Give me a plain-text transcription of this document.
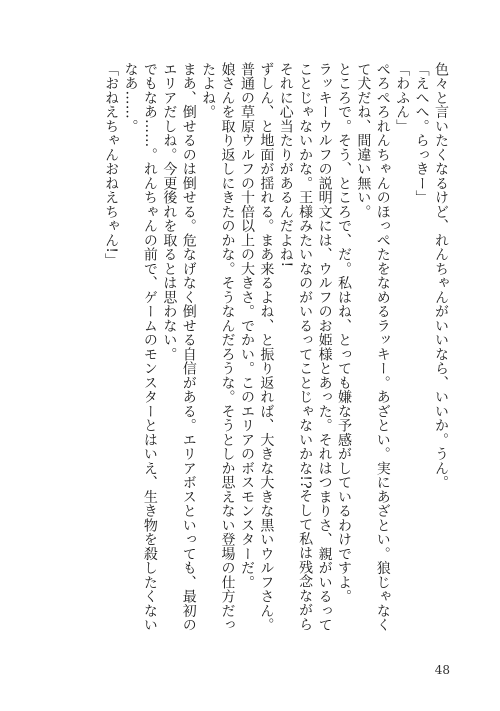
色々と言いたくなるけど、れんちゃんがいいなら、いいか。うん。

「えへへ。らっきー」

「わふん」

ぺろぺろれんちゃんのほっぺたをなめるラッキー。あざとい。実にあざとい。狼じゃなくて犬だね、間違い無い。

ところで。そう、ところで、だ。私はね、とっても嫌な予感がしているわけですよ。

ラッキーウルフの説明文には、ウルフのお姫様とあった。それはつまりさ、親がいるってことじゃないかな。王様みたいなのがいるってことじゃないかな!?そして私は残念ながらそれに心当たりがあるんだよね!

ずしん、と地面が揺れる。まあ来るよね、と振り返れば、大きな大きな黒いウルフさん。普通の草原ウルフの十倍以上の大きさ。でかい。このエリアのボスモンスターだ。

娘さんを取り返しにきたのかな。そうなんだろうな。そうとしか思えない登場の仕方だったよね。

まあ、倒せるのは倒せる。危なげなく倒せる自信がある。エリアボスといっても、最初のエリアだしね。今更後れを取るとは思わない。

でもなあ……。れんちゃんの前で、ゲームのモンスターとはいえ、生き物を殺したくないなあ……。

「おねえちゃんおねえちゃん!」

48
